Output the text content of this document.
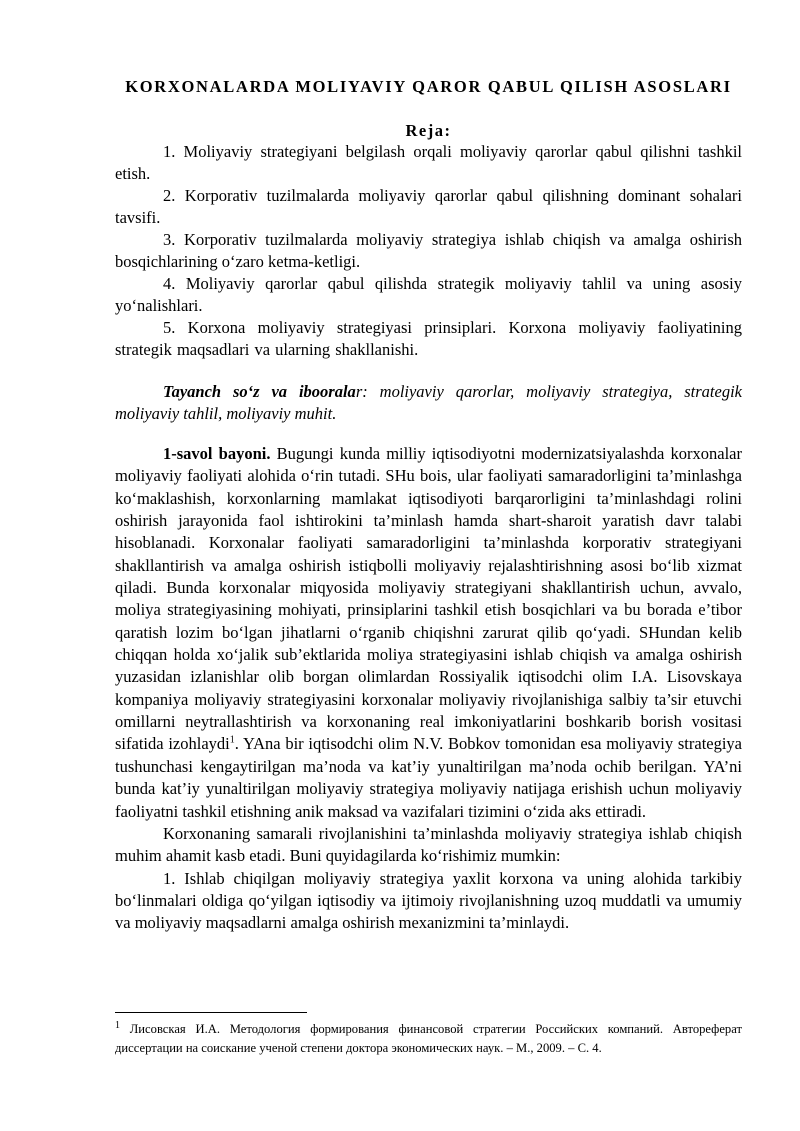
KORXONALARDA MOLIYAVIY QAROR QABUL QILISH ASOSLARI
Reja:

1. Moliyaviy strategiyani belgilash orqali moliyaviy qarorlar qabul qilishni tashkil etish.

2. Korporativ tuzilmalarda moliyaviy qarorlar qabul qilishning dominant sohalari tavsifi.

3. Korporativ tuzilmalarda moliyaviy strategiya ishlab chiqish va amalga oshirish bosqichlarining o‘zaro ketma-ketligi.

4. Moliyaviy qarorlar qabul qilishda strategik moliyaviy tahlil va uning asosiy yo‘nalishlari.

5. Korxona moliyaviy strategiyasi prinsiplari. Korxona moliyaviy faoliyatining strategik maqsadlari va ularning shakllanishi.

Tayanch so‘z va ibooralar: moliyaviy qarorlar, moliyaviy strategiya, strategik moliyaviy tahlil, moliyaviy muhit.

1-savol bayoni. Bugungi kunda milliy iqtisodiyotni modernizatsiyalashda korxonalar moliyaviy faoliyati alohida o‘rin tutadi. SHu bois, ular faoliyati samaradorligini ta’minlashga ko‘maklashish, korxonlarning mamlakat iqtisodiyoti barqarorligini ta’minlashdagi rolini oshirish jarayonida faol ishtirokini ta’minlash hamda shart-sharoit yaratish davr talabi hisoblanadi. Korxonalar faoliyati samaradorligini ta’minlashda korporativ strategiyani shakllantirish va amalga oshirish istiqbolli moliyaviy rejalashtirishning asosi bo‘lib xizmat qiladi. Bunda korxonalar miqyosida moliyaviy strategiyani shakllantirish uchun, avvalo, moliya strategiyasining mohiyati, prinsiplarini tashkil etish bosqichlari va bu borada e’tibor qaratish lozim bo‘lgan jihatlarni o‘rganib chiqishni zarurat qilib qo‘yadi. SHundan kelib chiqqan holda xo‘jalik sub’ektlarida moliya strategiyasini ishlab chiqish va amalga oshirish yuzasidan izlanishlar olib borgan olimlardan Rossiyalik iqtisodchi olim I.A. Lisovskaya kompaniya moliyaviy strategiyasini korxonalar moliyaviy rivojlanishiga salbiy ta’sir etuvchi omillarni neytrallashtirish va korxonaning real imkoniyatlarini boshkarib borish vositasi sifatida izohlaydi$^1$. YAna bir iqtisodchi olim N.V. Bobkov tomonidan esa moliyaviy strategiya tushunchasi kengaytirilgan ma’noda va kat’iy yunaltirilgan ma’noda ochib berilgan. YA’ni bunda kat’iy yunaltirilgan moliyaviy strategiya moliyaviy natijaga erishish uchun moliyaviy faoliyatni tashkil etishning anik maksad va vazifalari tizimini o‘zida aks ettiradi.

Korxonaning samarali rivojlanishini ta’minlashda moliyaviy strategiya ishlab chiqish muhim ahamit kasb etadi. Buni quyidagilarda ko‘rishimiz mumkin:

1. Ishlab chiqilgan moliyaviy strategiya yaxlit korxona va uning alohida tarkibiy bo‘linmalari oldiga qo‘yilgan iqtisodiy va ijtimoiy rivojlanishning uzoq muddatli va umumiy va moliyaviy maqsadlarni amalga oshirish mexanizmini ta’minlaydi.

$^1$ Лисовская И.А. Методология формирования финансовой стратегии Российских компаний. Автореферат диссертации на соискание ученой степени доктора экономических наук. – М., 2009. – С. 4.
